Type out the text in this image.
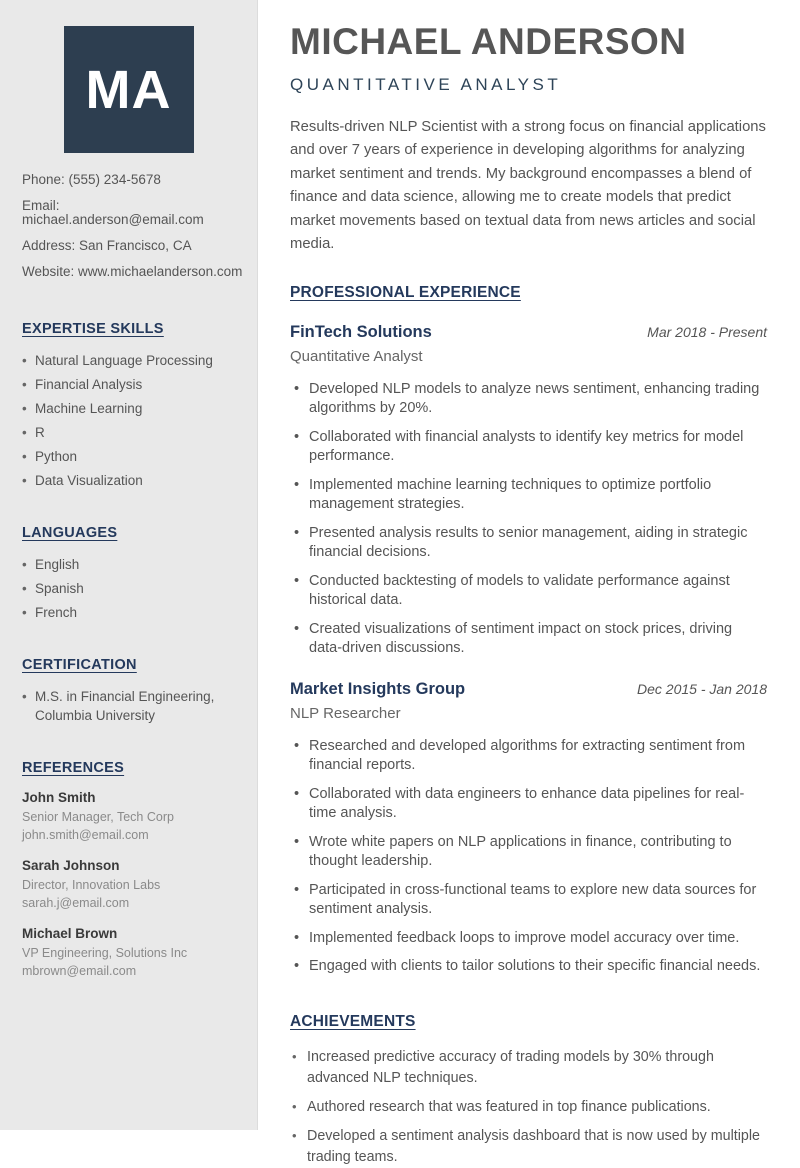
MA
Phone: (555) 234-5678
Email: michael.anderson@email.com
Address: San Francisco, CA
Website: www.michaelanderson.com
EXPERTISE SKILLS
• Natural Language Processing
• Financial Analysis
• Machine Learning
• R
• Python
• Data Visualization
LANGUAGES
• English
• Spanish
• French
CERTIFICATION
• M.S. in Financial Engineering, Columbia University
REFERENCES
John Smith
Senior Manager, Tech Corp
john.smith@email.com
Sarah Johnson
Director, Innovation Labs
sarah.j@email.com
Michael Brown
VP Engineering, Solutions Inc
mbrown@email.com
MICHAEL ANDERSON
QUANTITATIVE ANALYST

Results-driven NLP Scientist with a strong focus on financial applications and over 7 years of experience in developing algorithms for analyzing market sentiment and trends. My background encompasses a blend of finance and data science, allowing me to create models that predict market movements based on textual data from news articles and social media.

PROFESSIONAL EXPERIENCE
FinTech Solutions	Mar 2018 - Present
Quantitative Analyst
• Developed NLP models to analyze news sentiment, enhancing trading algorithms by 20%.
• Collaborated with financial analysts to identify key metrics for model performance.
• Implemented machine learning techniques to optimize portfolio management strategies.
• Presented analysis results to senior management, aiding in strategic financial decisions.
• Conducted backtesting of models to validate performance against historical data.
• Created visualizations of sentiment impact on stock prices, driving data-driven discussions.
Market Insights Group	Dec 2015 - Jan 2018
NLP Researcher
• Researched and developed algorithms for extracting sentiment from financial reports.
• Collaborated with data engineers to enhance data pipelines for real-time analysis.
• Wrote white papers on NLP applications in finance, contributing to thought leadership.
• Participated in cross-functional teams to explore new data sources for sentiment analysis.
• Implemented feedback loops to improve model accuracy over time.
• Engaged with clients to tailor solutions to their specific financial needs.
ACHIEVEMENTS
• Increased predictive accuracy of trading models by 30% through advanced NLP techniques.
• Authored research that was featured in top finance publications.
• Developed a sentiment analysis dashboard that is now used by multiple trading teams.
